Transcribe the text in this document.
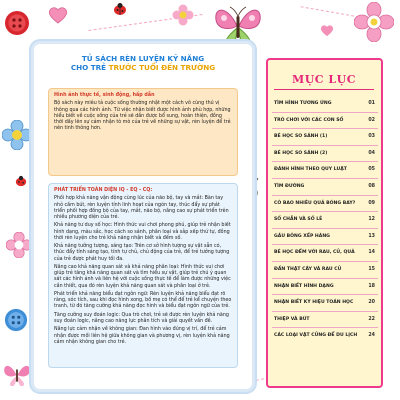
TỦ SÁCH RÈN LUYỆN KỸ NĂNG
CHO TRẺ TRƯỚC TUỔI ĐẾN TRƯỜNG

Hình ảnh thực tế, sinh động, hấp dẫn

Bộ sách này miêu tả cuộc sống thường nhật một cách vô cùng thú vị thông qua các hình ảnh. Từ việc nhận biết được hình ảnh phù hợp, những hiểu biết về cuộc sống của trẻ sẽ dần được bổ sung, hoàn thiện, đồng thời dấy lên sự cảm nhận tò mò của trẻ về những sự vật, rèn luyện để trẻ nên tinh thông hơn.

PHÁT TRIỂN TOÀN DIỆN IQ - EQ - CQ:

Phối hợp khả năng vận động cùng lúc của não bộ, tay và mắt: Bàn tay nhỏ cầm bút, rèn luyện tính linh hoạt của ngón tay, thúc đẩy sự phát triển phối hợp đồng bộ của tay, mắt, não bộ, nâng cao sự phát triển trên nhiều phương diện của trẻ.

Khả năng tư duy số học: Hình thức vui chơi phong phú, giúp trẻ nhận biết hình dạng, màu sắc, học cách so sánh, phân loại và sắp xếp thứ tự, đồng thời rèn luyện cho trẻ khả năng nhận biết và đếm số.

Khả năng tưởng tượng, sáng tạo: Trên cơ sở hình tượng sự vật sẵn có, thúc đẩy tính sáng tạo, tính tự chủ, chủ động của trẻ, để trẻ tưởng tượng của trẻ được phát huy tối đa.

Nâng cao khả năng quan sát và khả năng phân loại: Hình thức vui chơi giúp trẻ tăng khả năng quan sát và tìm hiểu sự vật, giúp trẻ chú ý quan sát các hình ảnh và liên hệ với cuộc sống thực tế để làm được những việc cần thiết, qua đó rèn luyện khả năng quan sát và phân loại ở trẻ.

Phát triển khả năng biểu đạt ngôn ngữ: Rèn luyện khả năng biểu đạt rõ ràng, sóc tích, sau khi đọc hình xong, bố mẹ có thể để trẻ kể chuyện theo tranh, từ đó tăng cường khả năng đọc hình và biểu đạt ngôn ngữ của trẻ.

Tăng cường suy đoán logic: Qua trò chơi, trẻ sẽ được rèn luyện khả năng suy đoán logic, nâng cao năng lực phân tích và giải quyết vấn đề.

Nâng lực cảm nhận về không gian: Đan hình vào đúng vị trí, để trẻ cảm nhận được mối liên hệ giữa không gian và phương vị, rèn luyện khả năng cảm nhận không gian cho trẻ.

MỤC LỤC
TÌM HÌNH TƯƠNG ỨNG	01
TRÒ CHƠI VỚI CÁC CON SỐ	02
BÉ HỌC SO SÁNH (1)	03
BÉ HỌC SO SÁNH (2)	04
ĐÁNH HÌNH THEO QUY LUẬT	05
TÌM ĐƯỜNG	08
CÓ BAO NHIÊU QUẢ BÓNG BAY?	09
SỐ CHẴN VÀ SỐ LẺ	12
GẮU BÔNG XẾP HÀNG	13
BÉ HỌC ĐẾM VỚI RAU, CỦ, QUẢ	14
ĐẦN THẬT CÂY VÀ RAU CỦ	15
NHẬN BIẾT HÌNH DẠNG	18
NHẬN BIẾT KÝ HIỆU TOÁN HỌC	20
THIỆP VÀ BÚT	22
CÁC LOẠI VẬT CỦNG ĐỂ DU LỊCH 24
